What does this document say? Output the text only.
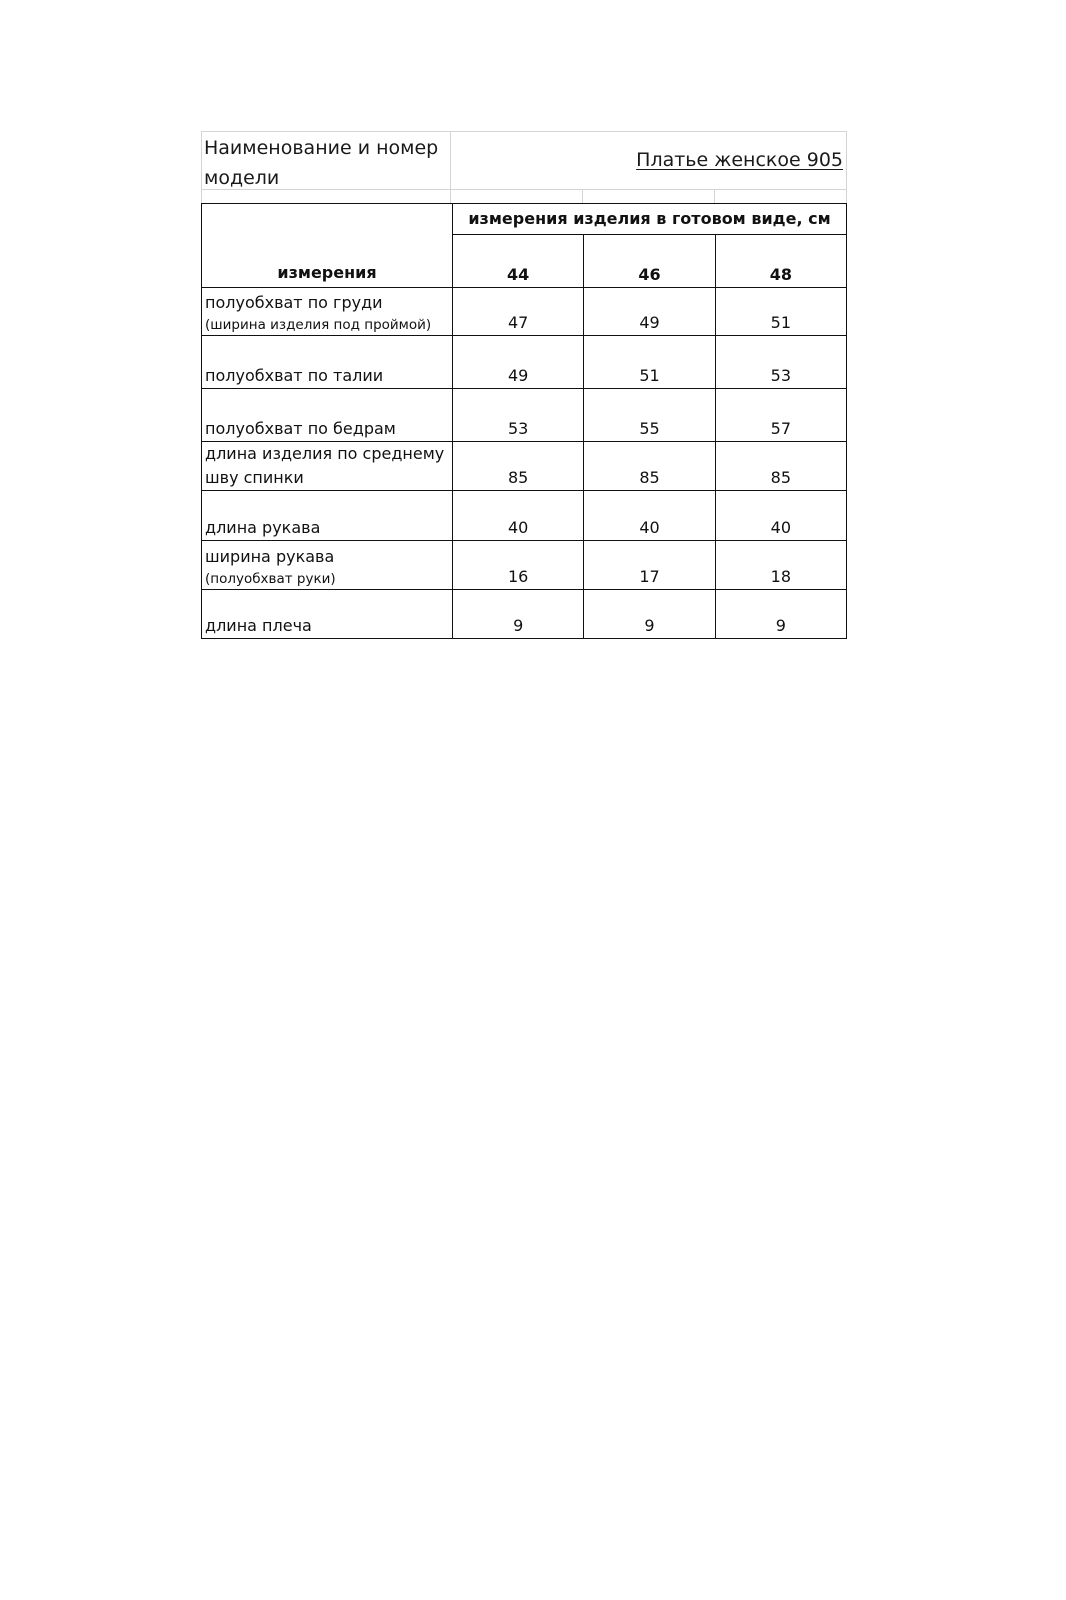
Наименование и номер модели
Платье женское 905
измерения	измерения изделия в готовом виде, см		
	44	46	48

полуобхват по груди
(ширина изделия под проймой)	47	49	51

полуобхват по талии	49	51	53

полуобхват по бедрам	53	55	57

длина изделия по среднему шву спинки	85	85	85

длина рукава	40	40	40

ширина рукава
(полуобхват руки)	16	17	18

длина плеча	9	9	9
